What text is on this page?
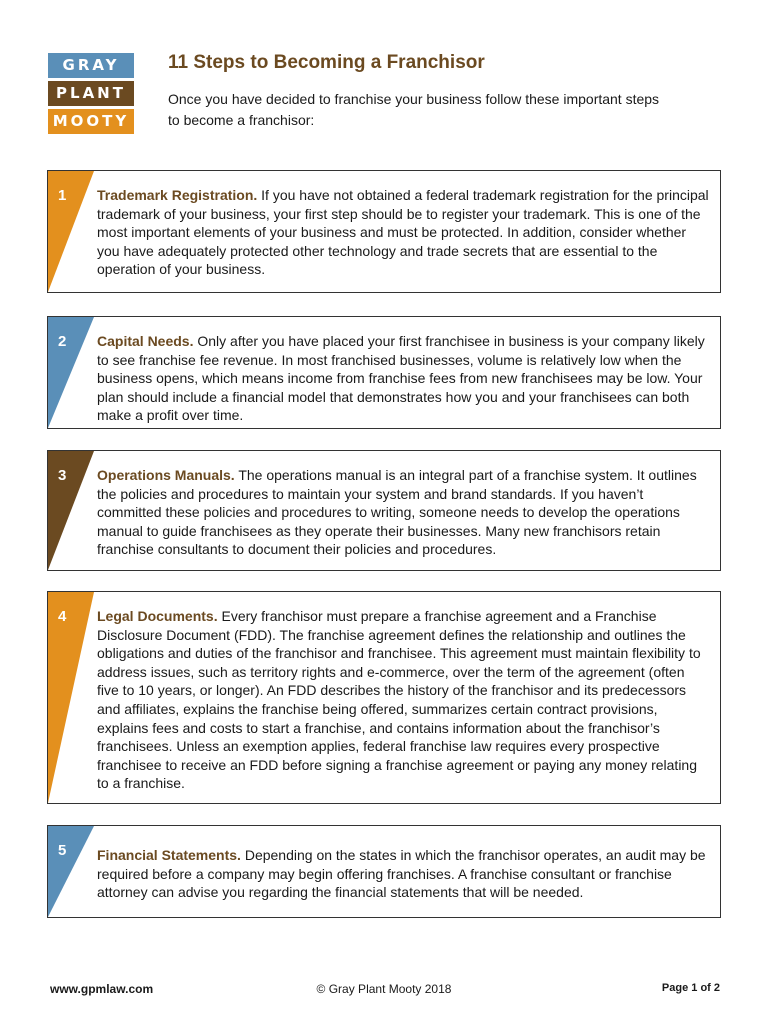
GRAY
PLANT
MOOTY
11 Steps to Becoming a Franchisor

Once you have decided to franchise your business follow these important steps to become a franchisor:

1 Trademark Registration. If you have not obtained a federal trademark registration for the principal trademark of your business, your first step should be to register your trademark. This is one of the most important elements of your business and must be protected. In addition, consider whether you have adequately protected other technology and trade secrets that are essential to the operation of your business.

2 Capital Needs. Only after you have placed your first franchisee in business is your company likely to see franchise fee revenue. In most franchised businesses, volume is relatively low when the business opens, which means income from franchise fees from new franchisees may be low. Your plan should include a financial model that demonstrates how you and your franchisees can both make a profit over time.

3 Operations Manuals. The operations manual is an integral part of a franchise system. It outlines the policies and procedures to maintain your system and brand standards. If you haven’t committed these policies and procedures to writing, someone needs to develop the operations manual to guide franchisees as they operate their businesses. Many new franchisors retain franchise consultants to document their policies and procedures.

4 Legal Documents. Every franchisor must prepare a franchise agreement and a Franchise Disclosure Document (FDD). The franchise agreement defines the relationship and outlines the obligations and duties of the franchisor and franchisee. This agreement must maintain flexibility to address issues, such as territory rights and e-commerce, over the term of the agreement (often five to 10 years, or longer). An FDD describes the history of the franchisor and its predecessors and affiliates, explains the franchise being offered, summarizes certain contract provisions, explains fees and costs to start a franchise, and contains information about the franchisor’s franchisees. Unless an exemption applies, federal franchise law requires every prospective franchisee to receive an FDD before signing a franchise agreement or paying any money relating to a franchise.

5 Financial Statements. Depending on the states in which the franchisor operates, an audit may be required before a company may begin offering franchises. A franchise consultant or franchise attorney can advise you regarding the financial statements that will be needed.

www.gpmlaw.com	© Gray Plant Mooty 2018	Page 1 of 2
